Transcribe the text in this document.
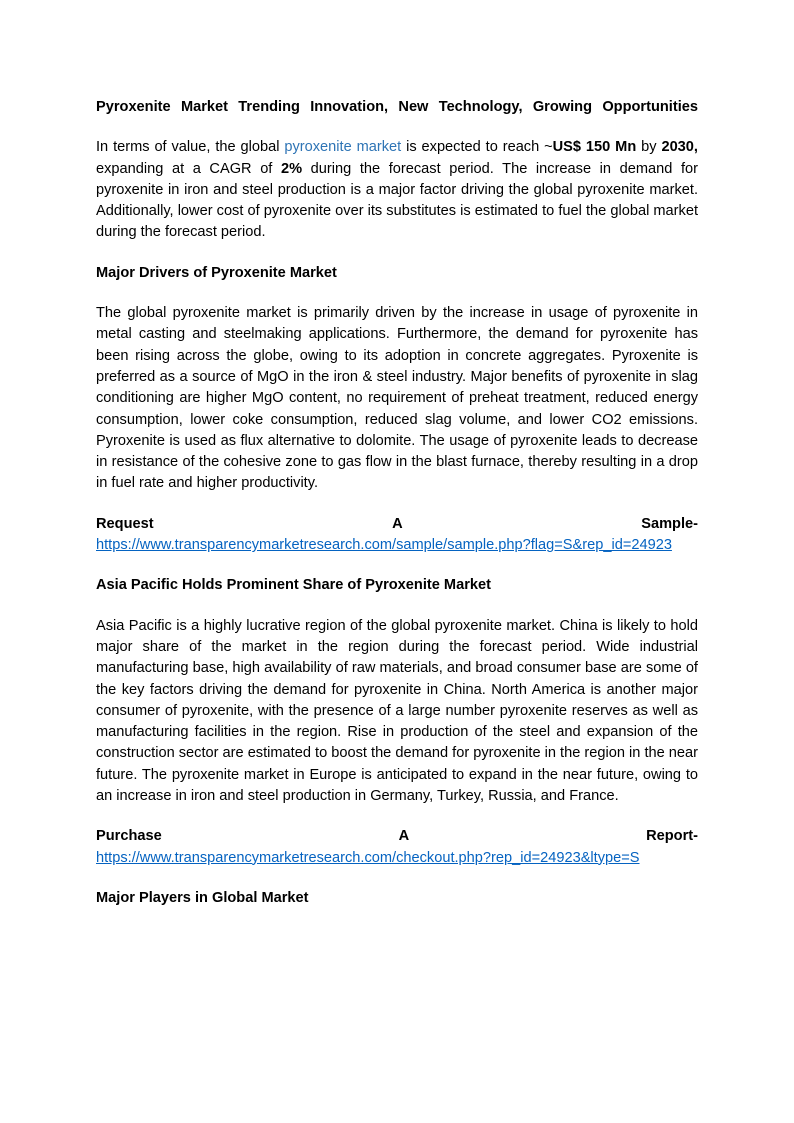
Pyroxenite Market Trending Innovation, New Technology, Growing Opportunities

In terms of value, the global pyroxenite market is expected to reach ~US$ 150 Mn by 2030, expanding at a CAGR of 2% during the forecast period. The increase in demand for pyroxenite in iron and steel production is a major factor driving the global pyroxenite market. Additionally, lower cost of pyroxenite over its substitutes is estimated to fuel the global market during the forecast period.

Major Drivers of Pyroxenite Market

The global pyroxenite market is primarily driven by the increase in usage of pyroxenite in metal casting and steelmaking applications. Furthermore, the demand for pyroxenite has been rising across the globe, owing to its adoption in concrete aggregates. Pyroxenite is preferred as a source of MgO in the iron & steel industry. Major benefits of pyroxenite in slag conditioning are higher MgO content, no requirement of preheat treatment, reduced energy consumption, lower coke consumption, reduced slag volume, and lower CO2 emissions. Pyroxenite is used as flux alternative to dolomite. The usage of pyroxenite leads to decrease in resistance of the cohesive zone to gas flow in the blast furnace, thereby resulting in a drop in fuel rate and higher productivity.

Request	A	Sample-
https://www.transparencymarketresearch.com/sample/sample.php?flag=S&rep_id=24923

Asia Pacific Holds Prominent Share of Pyroxenite Market

Asia Pacific is a highly lucrative region of the global pyroxenite market. China is likely to hold major share of the market in the region during the forecast period. Wide industrial manufacturing base, high availability of raw materials, and broad consumer base are some of the key factors driving the demand for pyroxenite in China. North America is another major consumer of pyroxenite, with the presence of a large number pyroxenite reserves as well as manufacturing facilities in the region. Rise in production of the steel and expansion of the construction sector are estimated to boost the demand for pyroxenite in the region in the near future. The pyroxenite market in Europe is anticipated to expand in the near future, owing to an increase in iron and steel production in Germany, Turkey, Russia, and France.

Purchase	A	Report-
https://www.transparencymarketresearch.com/checkout.php?rep_id=24923&ltype=S

Major Players in Global Market
